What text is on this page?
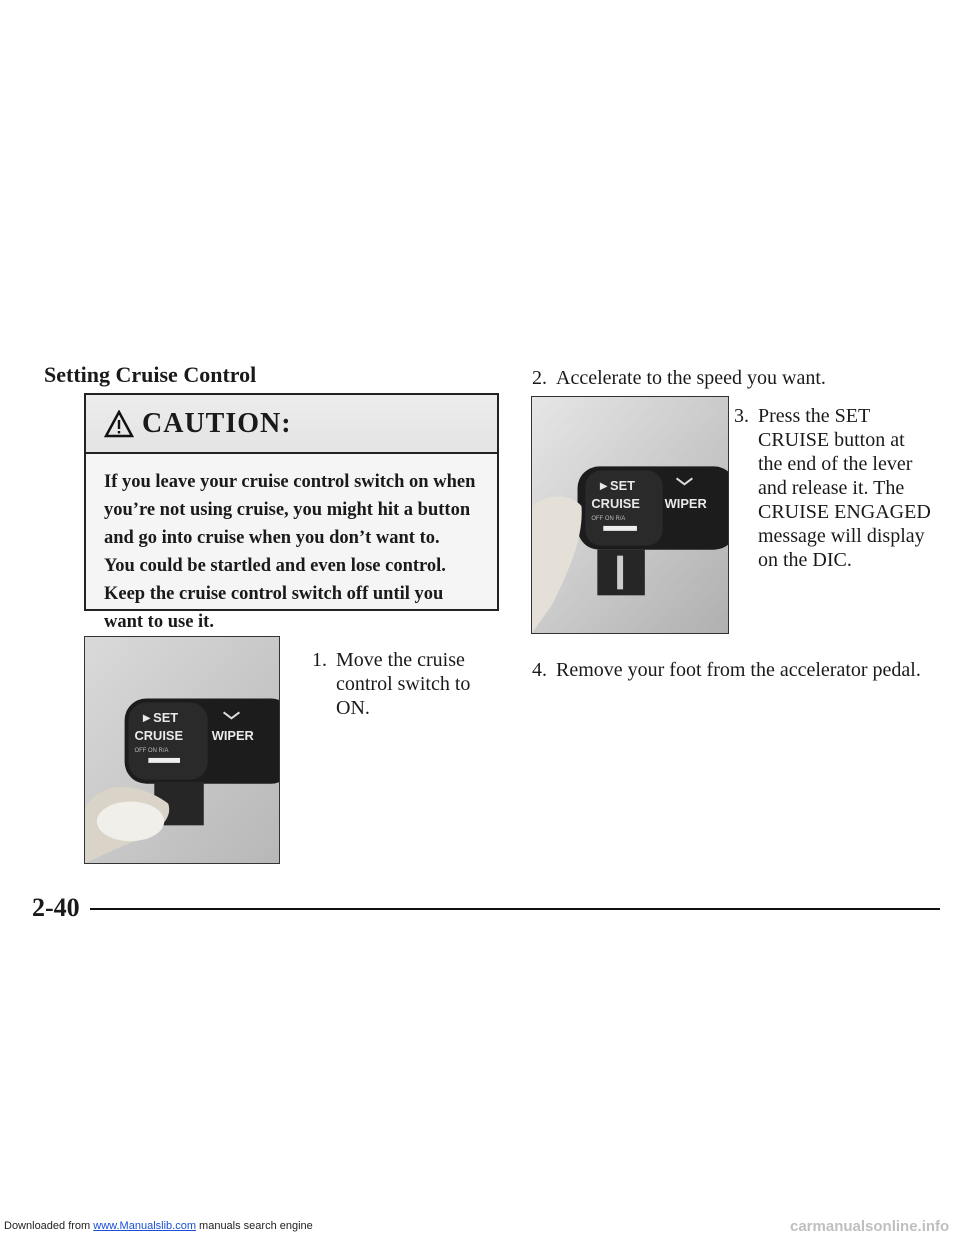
Setting Cruise Control
CAUTION:
If you leave your cruise control switch on when you’re not using cruise, you might hit a button and go into cruise when you don’t want to.
You could be startled and even lose control. Keep the cruise control switch off until you want to use it.
►SET
CRUISE
OFF ON R/A
WIPER
1. Move the cruise control switch to ON.
2. Accelerate to the speed you want.
►SET
CRUISE
OFF ON R/A
WIPER
3. Press the SET CRUISE button at the end of the lever and release it. The CRUISE ENGAGED message will display on the DIC.
4. Remove your foot from the accelerator pedal.
2-40
Downloaded from www.Manualslib.com manuals search engine	carmanualsonline.info
